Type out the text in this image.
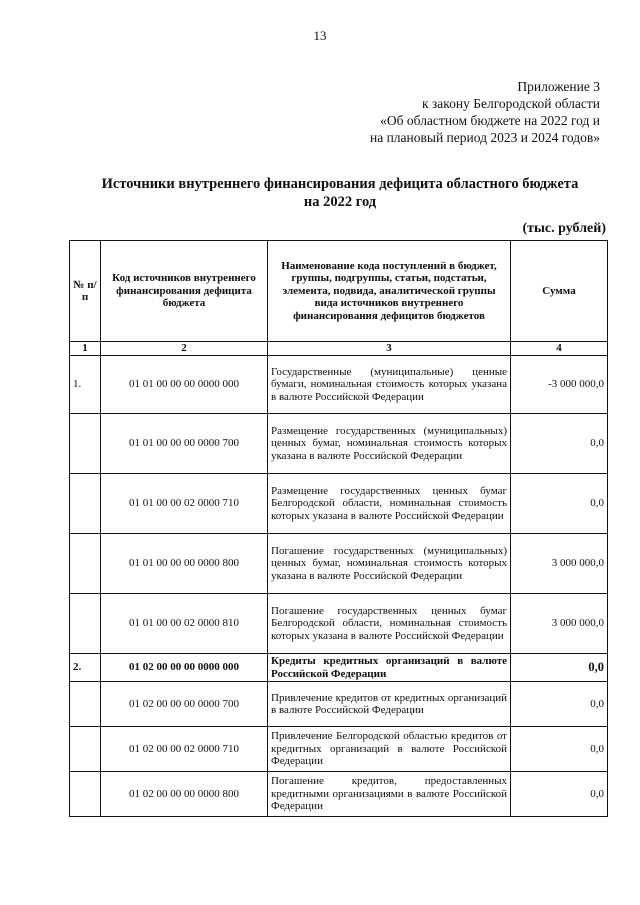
13
Приложение 3
к закону Белгородской области
«Об областном бюджете на 2022 год и
на плановый период 2023 и 2024 годов»
Источники внутреннего финансирования дефицита областного бюджета
на 2022 год
(тыс. рублей)
№ п/п	Код источников внутреннего финансирования дефицита бюджета	Наименование кода поступлений в бюджет, группы, подгруппы, статьи, подстатьи, элемента, подвида, аналитической группы вида источников внутреннего финансирования дефицитов бюджетов	Сумма
1	2	3	4
1.	01 01 00 00 00 0000 000	Государственные (муниципальные) ценные бумаги, номинальная стоимость которых указана в валюте Российской Федерации	-3 000 000,0
	01 01 00 00 00 0000 700	Размещение государственных (муниципальных) ценных бумаг, номинальная стоимость которых указана в валюте Российской Федерации	0,0
	01 01 00 00 02 0000 710	Размещение государственных ценных бумаг Белгородской области, номинальная стоимость которых указана в валюте Российской Федерации	0,0
	01 01 00 00 00 0000 800	Погашение государственных (муниципальных) ценных бумаг, номинальная стоимость которых указана в валюте Российской Федерации	3 000 000,0
	01 01 00 00 02 0000 810	Погашение государственных ценных бумаг Белгородской области, номинальная стоимость которых указана в валюте Российской Федерации	3 000 000,0
2.	01 02 00 00 00 0000 000	Кредиты кредитных организаций в валюте Российской Федерации	0,0
	01 02 00 00 00 0000 700	Привлечение кредитов от кредитных организаций в валюте Российской Федерации	0,0
	01 02 00 00 02 0000 710	Привлечение Белгородской областью кредитов от кредитных организаций в валюте Российской Федерации	0,0
	01 02 00 00 00 0000 800	Погашение кредитов, предоставленных кредитными организациями в валюте Российской Федерации	0,0
